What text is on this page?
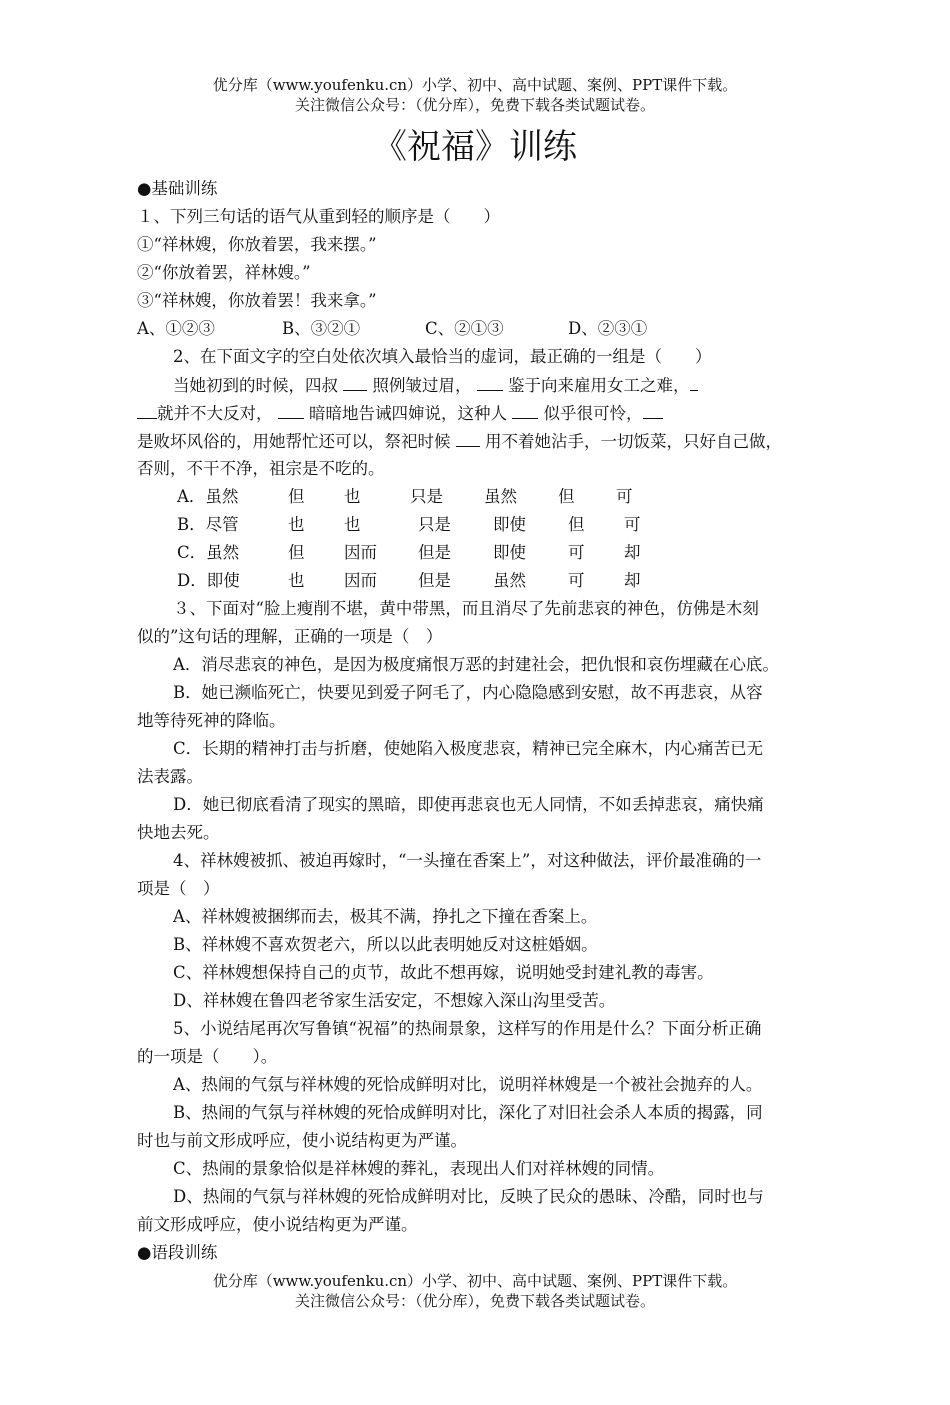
优分库（www.youfenku.cn）小学、初中、高中试题、案例、PPT课件下载。
关注微信公众号：（优分库），免费下载各类试题试卷。
《祝福》训练
●基础训练
１、下列三句话的语气从重到轻的顺序是（　　）
①“祥林嫂，你放着罢，我来摆。”
②“你放着罢，祥林嫂。”
③“祥林嫂，你放着罢！我来拿。”
A、①②③	B、③②①	C、②①③	D、②③①
2、在下面文字的空白处依次填入最恰当的虚词，最正确的一组是（　　）
当她初到的时候，四叔 照例皱过眉， 鉴于向来雇用女工之难，
就并不大反对， 暗暗地告诫四婶说，这种人 似乎很可怜，
是败坏风俗的，用她帮忙还可以，祭祀时候 用不着她沾手，一切饭菜，只好自己做，
否则，不干不净，祖宗是不吃的。
A．虽然	但 也	只是 虽然 但	可
B．尽管	也 也	只是	即使	但 可
C．虽然	但 因而 但是	即使	可 却
D．即使	也 因而 但是	虽然	可 却
３、下面对“脸上瘦削不堪，黄中带黑，而且消尽了先前悲哀的神色，仿佛是木刻
似的”这句话的理解，正确的一项是（　）
A．消尽悲哀的神色，是因为极度痛恨万恶的封建社会，把仇恨和哀伤埋藏在心底。
B．她已濒临死亡，快要见到爱子阿毛了，内心隐隐感到安慰，故不再悲哀，从容
地等待死神的降临。
C．长期的精神打击与折磨，使她陷入极度悲哀，精神已完全麻木，内心痛苦已无
法表露。
D．她已彻底看清了现实的黑暗，即使再悲哀也无人同情，不如丢掉悲哀，痛快痛
快地去死。
4、祥林嫂被抓、被迫再嫁时，“一头撞在香案上”，对这种做法，评价最准确的一
项是（　）
A、祥林嫂被捆绑而去，极其不满，挣扎之下撞在香案上。
B、祥林嫂不喜欢贺老六，所以以此表明她反对这桩婚姻。
C、祥林嫂想保持自己的贞节，故此不想再嫁，说明她受封建礼教的毒害。
D、祥林嫂在鲁四老爷家生活安定，不想嫁入深山沟里受苦。
5、小说结尾再次写鲁镇“祝福”的热闹景象，这样写的作用是什么？下面分析正确
的一项是（　　）。
A、热闹的气氛与祥林嫂的死恰成鲜明对比，说明祥林嫂是一个被社会抛弃的人。
B、热闹的气氛与祥林嫂的死恰成鲜明对比，深化了对旧社会杀人本质的揭露，同
时也与前文形成呼应，使小说结构更为严谨。
C、热闹的景象恰似是祥林嫂的葬礼，表现出人们对祥林嫂的同情。
D、热闹的气氛与祥林嫂的死恰成鲜明对比，反映了民众的愚昧、冷酷，同时也与
前文形成呼应，使小说结构更为严谨。
●语段训练
优分库（www.youfenku.cn）小学、初中、高中试题、案例、PPT课件下载。
关注微信公众号：（优分库），免费下载各类试题试卷。
